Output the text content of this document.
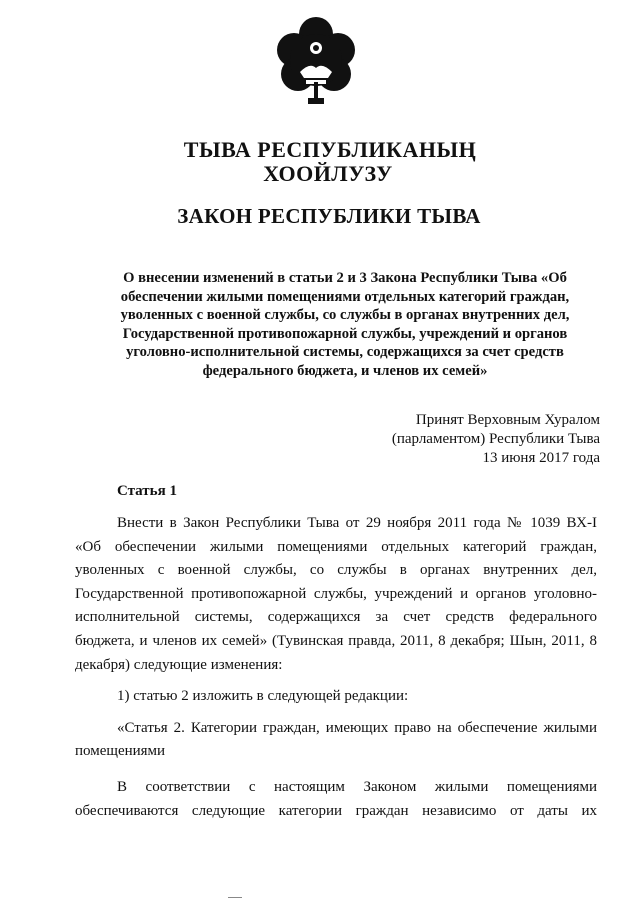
ТЫВА РЕСПУБЛИКАНЫҢ
ХООЙЛУЗУ
ЗАКОН РЕСПУБЛИКИ ТЫВА
О внесении изменений в статьи 2 и 3 Закона Республики Тыва «Об
обеспечении жилыми помещениями отдельных категорий граждан,
уволенных с военной службы, со службы в органах внутренних дел,
Государственной противопожарной службы, учреждений и органов
уголовно-исполнительной системы, содержащихся за счет средств
федерального бюджета, и членов их семей»
Принят Верховным Хуралом
(парламентом) Республики Тыва
13 июня 2017 года
Статья 1
Внести в Закон Республики Тыва от 29 ноября 2011 года № 1039 ВХ-I
«Об обеспечении жилыми помещениями отдельных категорий граждан,
уволенных с военной службы, со службы в органах внутренних дел,
Государственной противопожарной службы, учреждений и органов уголовно-
исполнительной системы, содержащихся за счет средств федерального
бюджета, и членов их семей» (Тувинская правда, 2011, 8 декабря; Шын, 2011, 8
декабря) следующие изменения:
1) статью 2 изложить в следующей редакции:
«Статья 2. Категории граждан, имеющих право на обеспечение жилыми
помещениями
В соответствии с настоящим Законом жилыми помещениями
обеспечиваются следующие категории граждан независимо от даты их
